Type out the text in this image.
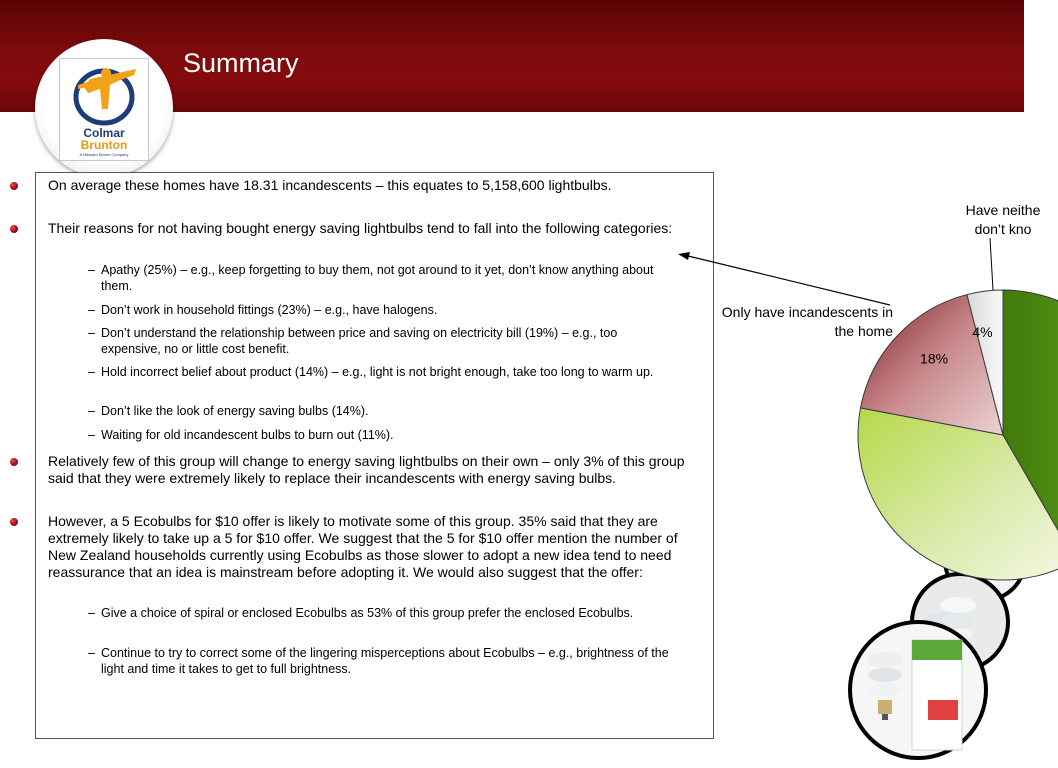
Summary
Colmar
Brunton
A Millward Brown Company
On average these homes have 18.31 incandescents – this equates to 5,158,600 lightbulbs.
Their reasons for not having bought energy saving lightbulbs tend to fall into the following categories:
– Apathy (25%) – e.g., keep forgetting to buy them, not got around to it yet, don’t know anything about them.
– Don’t work in household fittings (23%) – e.g., have halogens.
– Don’t understand the relationship between price and saving on electricity bill (19%) – e.g., too expensive, no or little cost benefit.
– Hold incorrect belief about product (14%) – e.g., light is not bright enough, take too long to warm up.
– Don’t like the look of energy saving bulbs (14%).
– Waiting for old incandescent bulbs to burn out (11%).
Relatively few of this group will change to energy saving lightbulbs on their own – only 3% of this group said that they were extremely likely to replace their incandescents with energy saving bulbs.
However, a 5 Ecobulbs for $10 offer is likely to motivate some of this group. 35% said that they are extremely likely to take up a 5 for $10 offer. We suggest that the 5 for $10 offer mention the number of New Zealand households currently using Ecobulbs as those slower to adopt a new idea tend to need reassurance that an idea is mainstream before adopting it. We would also suggest that the offer:
– Give a choice of spiral or enclosed Ecobulbs as 53% of this group prefer the enclosed Ecobulbs.
– Continue to try to correct some of the lingering misperceptions about Ecobulbs – e.g., brightness of the light and time it takes to get to full brightness.
4%
18%
Have neithe
don’t kno
Only have incandescents in the home
